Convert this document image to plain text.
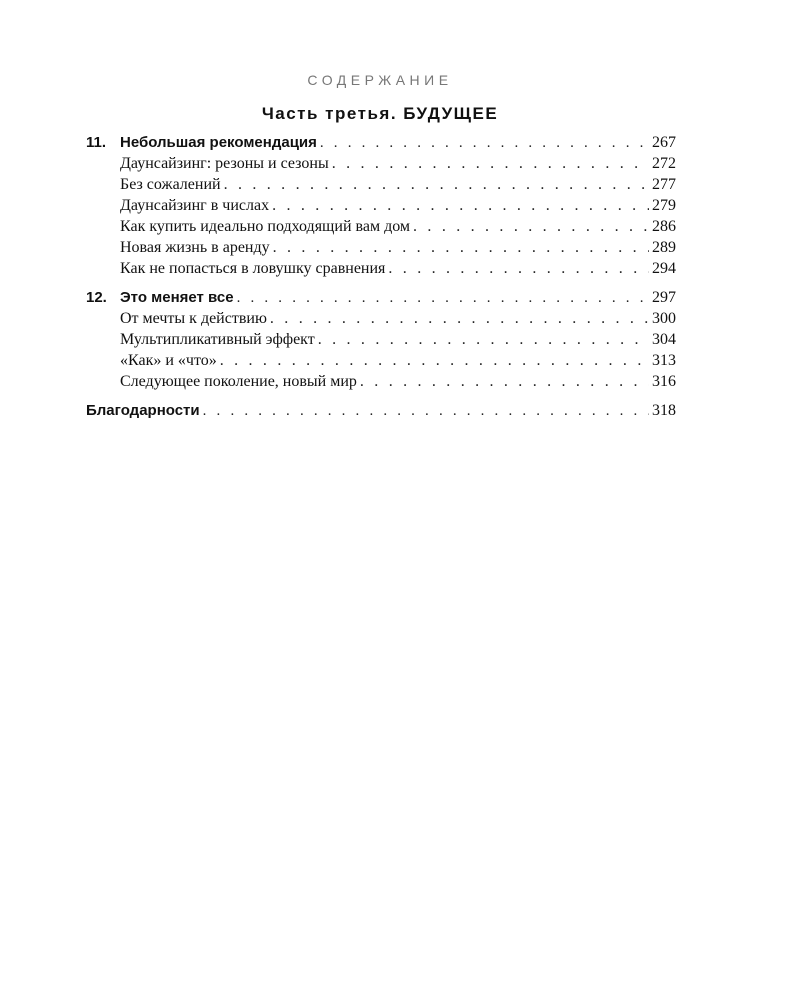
СОДЕРЖАНИЕ
Часть третья. БУДУЩЕЕ
11. Небольшая рекомендация . . .	267
Даунсайзинг: резоны и сезоны . . .	272
Без сожалений . . .	277
Даунсайзинг в числах . . .	279
Как купить идеально подходящий вам дом . . .	286
Новая жизнь в аренду . . .	289
Как не попасться в ловушку сравнения . . .	294
12. Это меняет все . . .	297
От мечты к действию . . .	300
Мультипликативный эффект . . .	304
«Как» и «что» . . .	313
Следующее поколение, новый мир . . .	316
Благодарности . . .	318
